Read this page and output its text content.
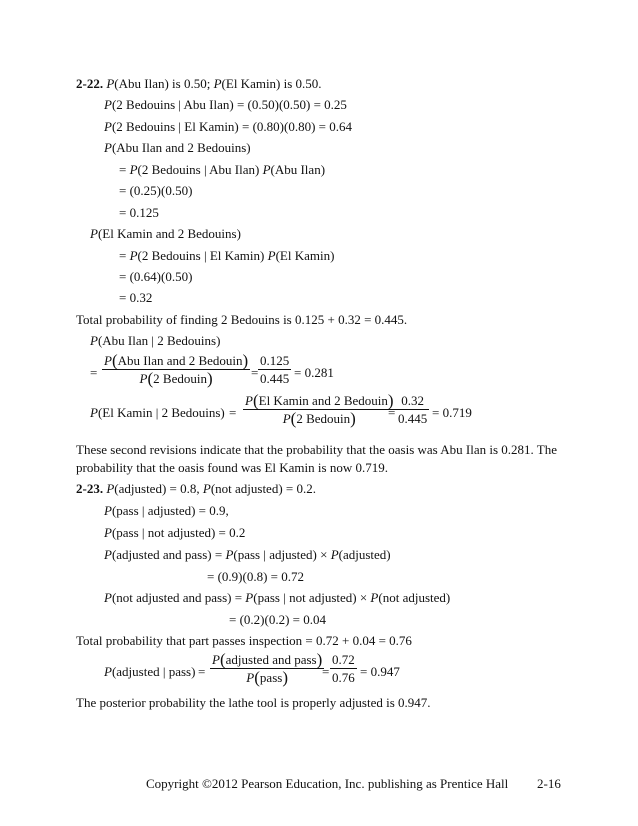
2-22. P(Abu Ilan) is 0.50; P(El Kamin) is 0.50.
P(2 Bedouins | Abu Ilan) = (0.50)(0.50) = 0.25
P(2 Bedouins | El Kamin) = (0.80)(0.80) = 0.64
P(Abu Ilan and 2 Bedouins)
= P(2 Bedouins | Abu Ilan) P(Abu Ilan)
= (0.25)(0.50)
= 0.125
P(El Kamin and 2 Bedouins)
= P(2 Bedouins | El Kamin) P(El Kamin)
= (0.64)(0.50)
= 0.32
Total probability of finding 2 Bedouins is 0.125 + 0.32 = 0.445.
P(Abu Ilan | 2 Bedouins)
=
P(Abu Ilan and 2 Bedouin)
P(2 Bedouin)	= $\frac{0.125}{0.445} = 0.281$
P(El Kamin | 2 Bedouins) =
P(El Kamin and 2 Bedouin)
P(2 Bedouin)	= $\frac{0.32}{0.445} = 0.719$
These second revisions indicate that the probability that the oasis was Abu Ilan is 0.281. The
probability that the oasis found was El Kamin is now 0.719.
2-23. P(adjusted) = 0.8, P(not adjusted) = 0.2.
P(pass | adjusted) = 0.9,
P(pass | not adjusted) = 0.2
P(adjusted and pass) = P(pass | adjusted) × P(adjusted)
= (0.9)(0.8) = 0.72
P(not adjusted and pass) = P(pass | not adjusted) × P(not adjusted)
= (0.2)(0.2) = 0.04
Total probability that part passes inspection = 0.72 + 0.04 = 0.76
P(adjusted | pass) =
P(adjusted and pass)
P(pass)	= $\frac{0.72}{0.76} = 0.947$
The posterior probability the lathe tool is properly adjusted is 0.947.
Copyright ©2012 Pearson Education, Inc. publishing as Prentice Hall 2-16
